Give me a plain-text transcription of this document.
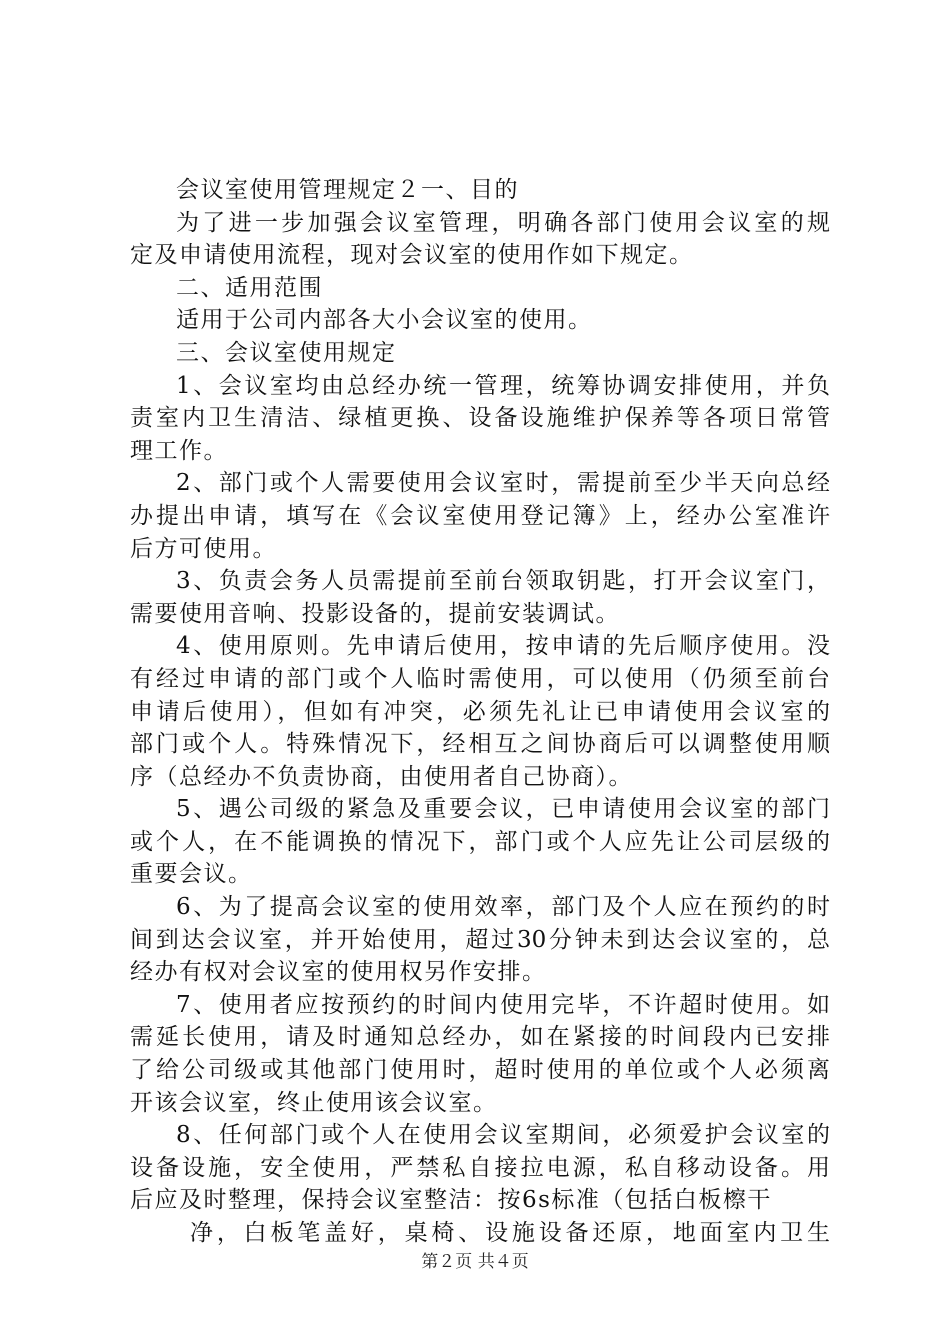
会议室使用管理规定２一、目的
为了进一步加强会议室管理，明确各部门使用会议室的规
定及申请使用流程，现对会议室的使用作如下规定。
二、适用范围
适用于公司内部各大小会议室的使用。
三、会议室使用规定
1、会议室均由总经办统一管理，统筹协调安排使用，并负
责室内卫生清洁、绿植更换、设备设施维护保养等各项日常管
理工作。
2、部门或个人需要使用会议室时，需提前至少半天向总经
办提出申请，填写在《会议室使用登记簿》上，经办公室准许
后方可使用。
3、负责会务人员需提前至前台领取钥匙，打开会议室门，
需要使用音响、投影设备的，提前安装调试。
4、使用原则。先申请后使用，按申请的先后顺序使用。没
有经过申请的部门或个人临时需使用，可以使用（仍须至前台
申请后使用），但如有冲突，必须先礼让已申请使用会议室的
部门或个人。特殊情况下，经相互之间协商后可以调整使用顺
序（总经办不负责协商，由使用者自己协商）。
5、遇公司级的紧急及重要会议，已申请使用会议室的部门
或个人，在不能调换的情况下，部门或个人应先让公司层级的
重要会议。
6、为了提高会议室的使用效率，部门及个人应在预约的时
间到达会议室，并开始使用，超过30分钟未到达会议室的，总
经办有权对会议室的使用权另作安排。
7、使用者应按预约的时间内使用完毕，不许超时使用。如
需延长使用，请及时通知总经办，如在紧接的时间段内已安排
了给公司级或其他部门使用时，超时使用的单位或个人必须离
开该会议室，终止使用该会议室。
8、任何部门或个人在使用会议室期间，必须爱护会议室的
设备设施，安全使用，严禁私自接拉电源，私自移动设备。用
后应及时整理，保持会议室整洁：按6s标准（包括白板檫干
净，白板笔盖好，桌椅、设施设备还原，地面室内卫生
第２页 共４页
